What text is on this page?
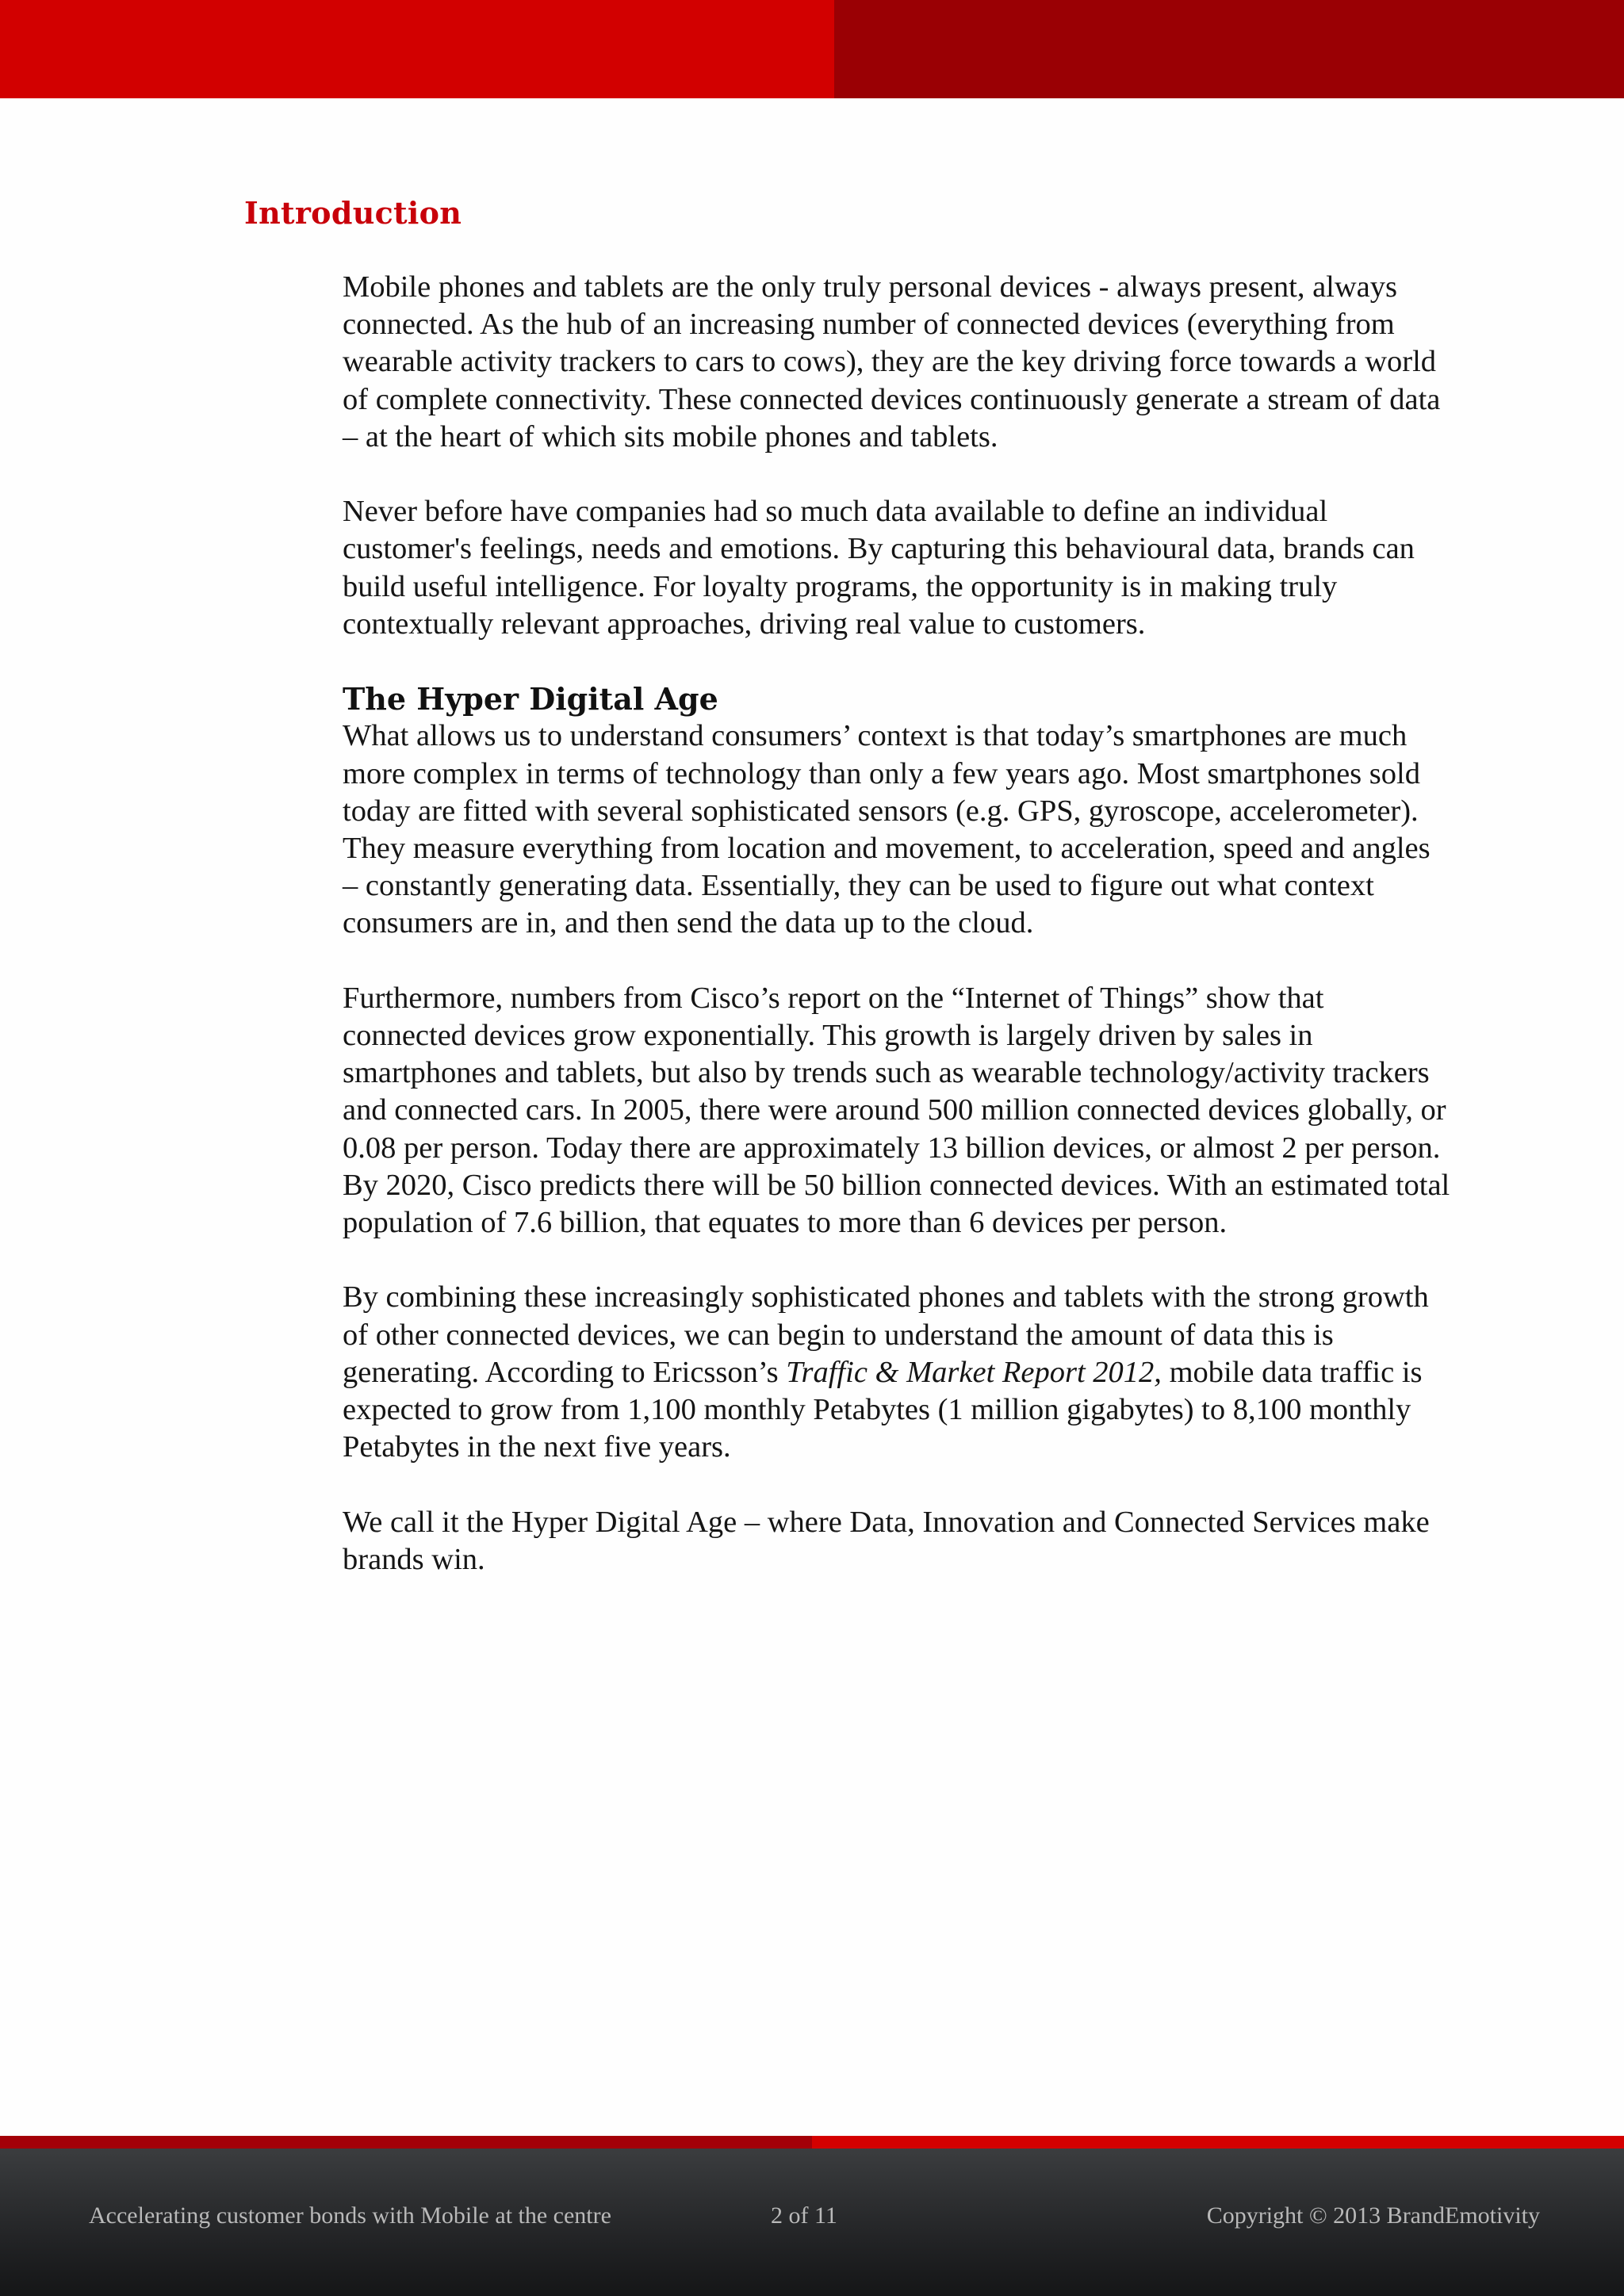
Introduction

Mobile phones and tablets are the only truly personal devices - always present, always connected. As the hub of an increasing number of connected devices (everything from wearable activity trackers to cars to cows), they are the key driving force towards a world of complete connectivity. These connected devices continuously generate a stream of data – at the heart of which sits mobile phones and tablets.

Never before have companies had so much data available to define an individual customer's feelings, needs and emotions. By capturing this behavioural data, brands can build useful intelligence. For loyalty programs, the opportunity is in making truly contextually relevant approaches, driving real value to customers.

The Hyper Digital Age

What allows us to understand consumers’ context is that today’s smartphones are much more complex in terms of technology than only a few years ago. Most smartphones sold today are fitted with several sophisticated sensors (e.g. GPS, gyroscope, accelerometer). They measure everything from location and movement, to acceleration, speed and angles – constantly generating data. Essentially, they can be used to figure out what context consumers are in, and then send the data up to the cloud.

Furthermore, numbers from Cisco’s report on the “Internet of Things” show that connected devices grow exponentially. This growth is largely driven by sales in smartphones and tablets, but also by trends such as wearable technology/activity trackers and connected cars. In 2005, there were around 500 million connected devices globally, or 0.08 per person. Today there are approximately 13 billion devices, or almost 2 per person. By 2020, Cisco predicts there will be 50 billion connected devices. With an estimated total population of 7.6 billion, that equates to more than 6 devices per person.

By combining these increasingly sophisticated phones and tablets with the strong growth of other connected devices, we can begin to understand the amount of data this is generating. According to Ericsson’s Traffic & Market Report 2012, mobile data traffic is expected to grow from 1,100 monthly Petabytes (1 million gigabytes) to 8,100 monthly Petabytes in the next five years.

We call it the Hyper Digital Age – where Data, Innovation and Connected Services make brands win.

Accelerating customer bonds with Mobile at the centre	2 of 11	Copyright © 2013 BrandEmotivity
